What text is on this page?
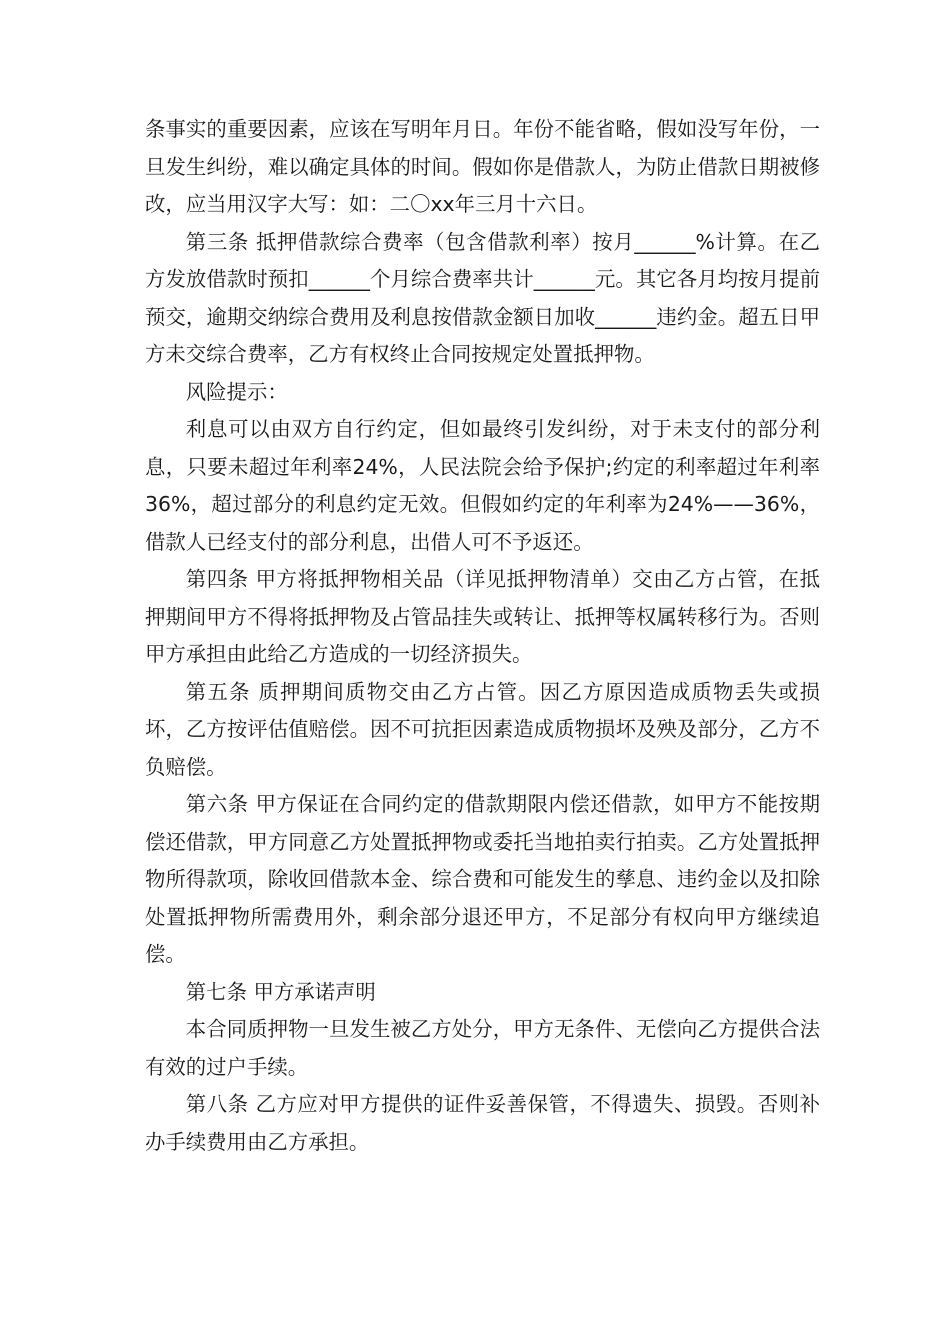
条事实的重要因素，应该在写明年月日。年份不能省略，假如没写年份，一旦发生纠纷，难以确定具体的时间。假如你是借款人，为防止借款日期被修改，应当用汉字大写：如：二〇xx年三月十六日。

第三条 抵押借款综合费率（包含借款利率）按月______%计算。在乙方发放借款时预扣______个月综合费率共计______元。其它各月均按月提前预交，逾期交纳综合费用及利息按借款金额日加收______违约金。超五日甲方未交综合费率，乙方有权终止合同按规定处置抵押物。

风险提示：

利息可以由双方自行约定，但如最终引发纠纷，对于未支付的部分利息，只要未超过年利率24%，人民法院会给予保护;约定的利率超过年利率36%，超过部分的利息约定无效。但假如约定的年利率为24%——36%，借款人已经支付的部分利息，出借人可不予返还。

第四条 甲方将抵押物相关品（详见抵押物清单）交由乙方占管，在抵押期间甲方不得将抵押物及占管品挂失或转让、抵押等权属转移行为。否则甲方承担由此给乙方造成的一切经济损失。

第五条 质押期间质物交由乙方占管。因乙方原因造成质物丢失或损坏，乙方按评估值赔偿。因不可抗拒因素造成质物损坏及殃及部分，乙方不负赔偿。

第六条 甲方保证在合同约定的借款期限内偿还借款，如甲方不能按期偿还借款，甲方同意乙方处置抵押物或委托当地拍卖行拍卖。乙方处置抵押物所得款项，除收回借款本金、综合费和可能发生的孳息、违约金以及扣除处置抵押物所需费用外，剩余部分退还甲方，不足部分有权向甲方继续追偿。

第七条 甲方承诺声明

本合同质押物一旦发生被乙方处分，甲方无条件、无偿向乙方提供合法有效的过户手续。

第八条 乙方应对甲方提供的证件妥善保管，不得遗失、损毁。否则补办手续费用由乙方承担。
